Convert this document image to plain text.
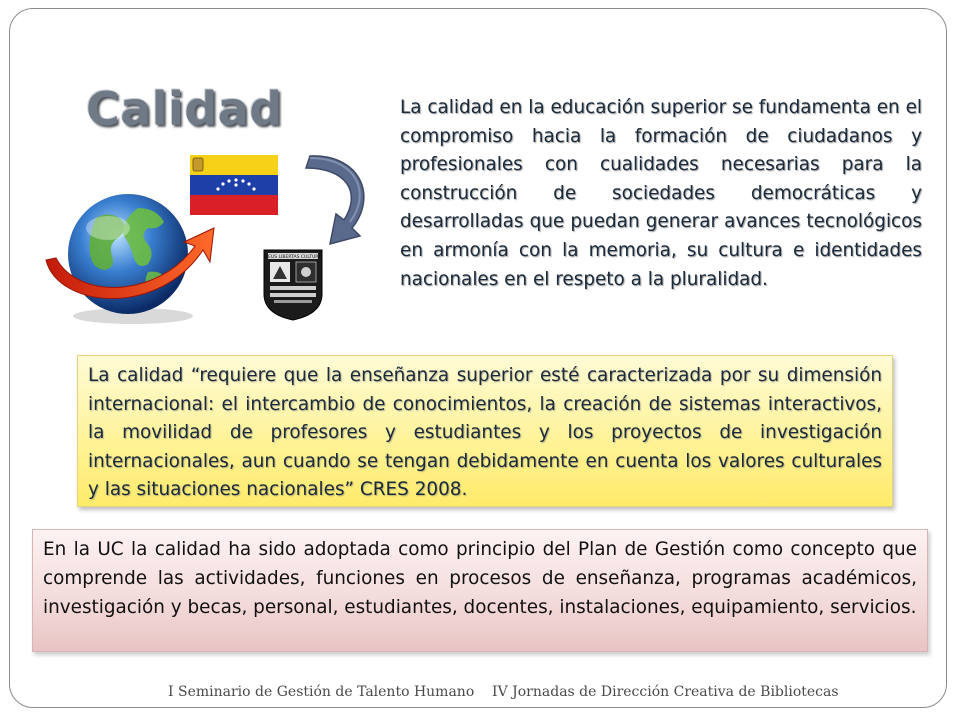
Calidad
DEUS LIBERTAS CULTURA
La calidad en la educación superior se fundamenta en el compromiso hacia la formación de ciudadanos y profesionales con cualidades necesarias para la construcción de sociedades democráticas y desarrolladas que puedan generar avances tecnológicos en armonía con la memoria, su cultura e identidades nacionales en el respeto a la pluralidad.
La calidad “requiere que la enseñanza superior esté caracterizada por su dimensión internacional: el intercambio de conocimientos, la creación de sistemas interactivos, la movilidad de profesores y estudiantes y los proyectos de investigación internacionales, aun cuando se tengan debidamente en cuenta los valores culturales y las situaciones nacionales” CRES 2008.
En la UC la calidad ha sido adoptada como principio del Plan de Gestión como concepto que comprende las actividades, funciones en procesos de enseñanza, programas académicos, investigación y becas, personal, estudiantes, docentes, instalaciones, equipamiento, servicios.
I Seminario de Gestión de Talento Humano    IV Jornadas de Dirección Creativa de Bibliotecas
